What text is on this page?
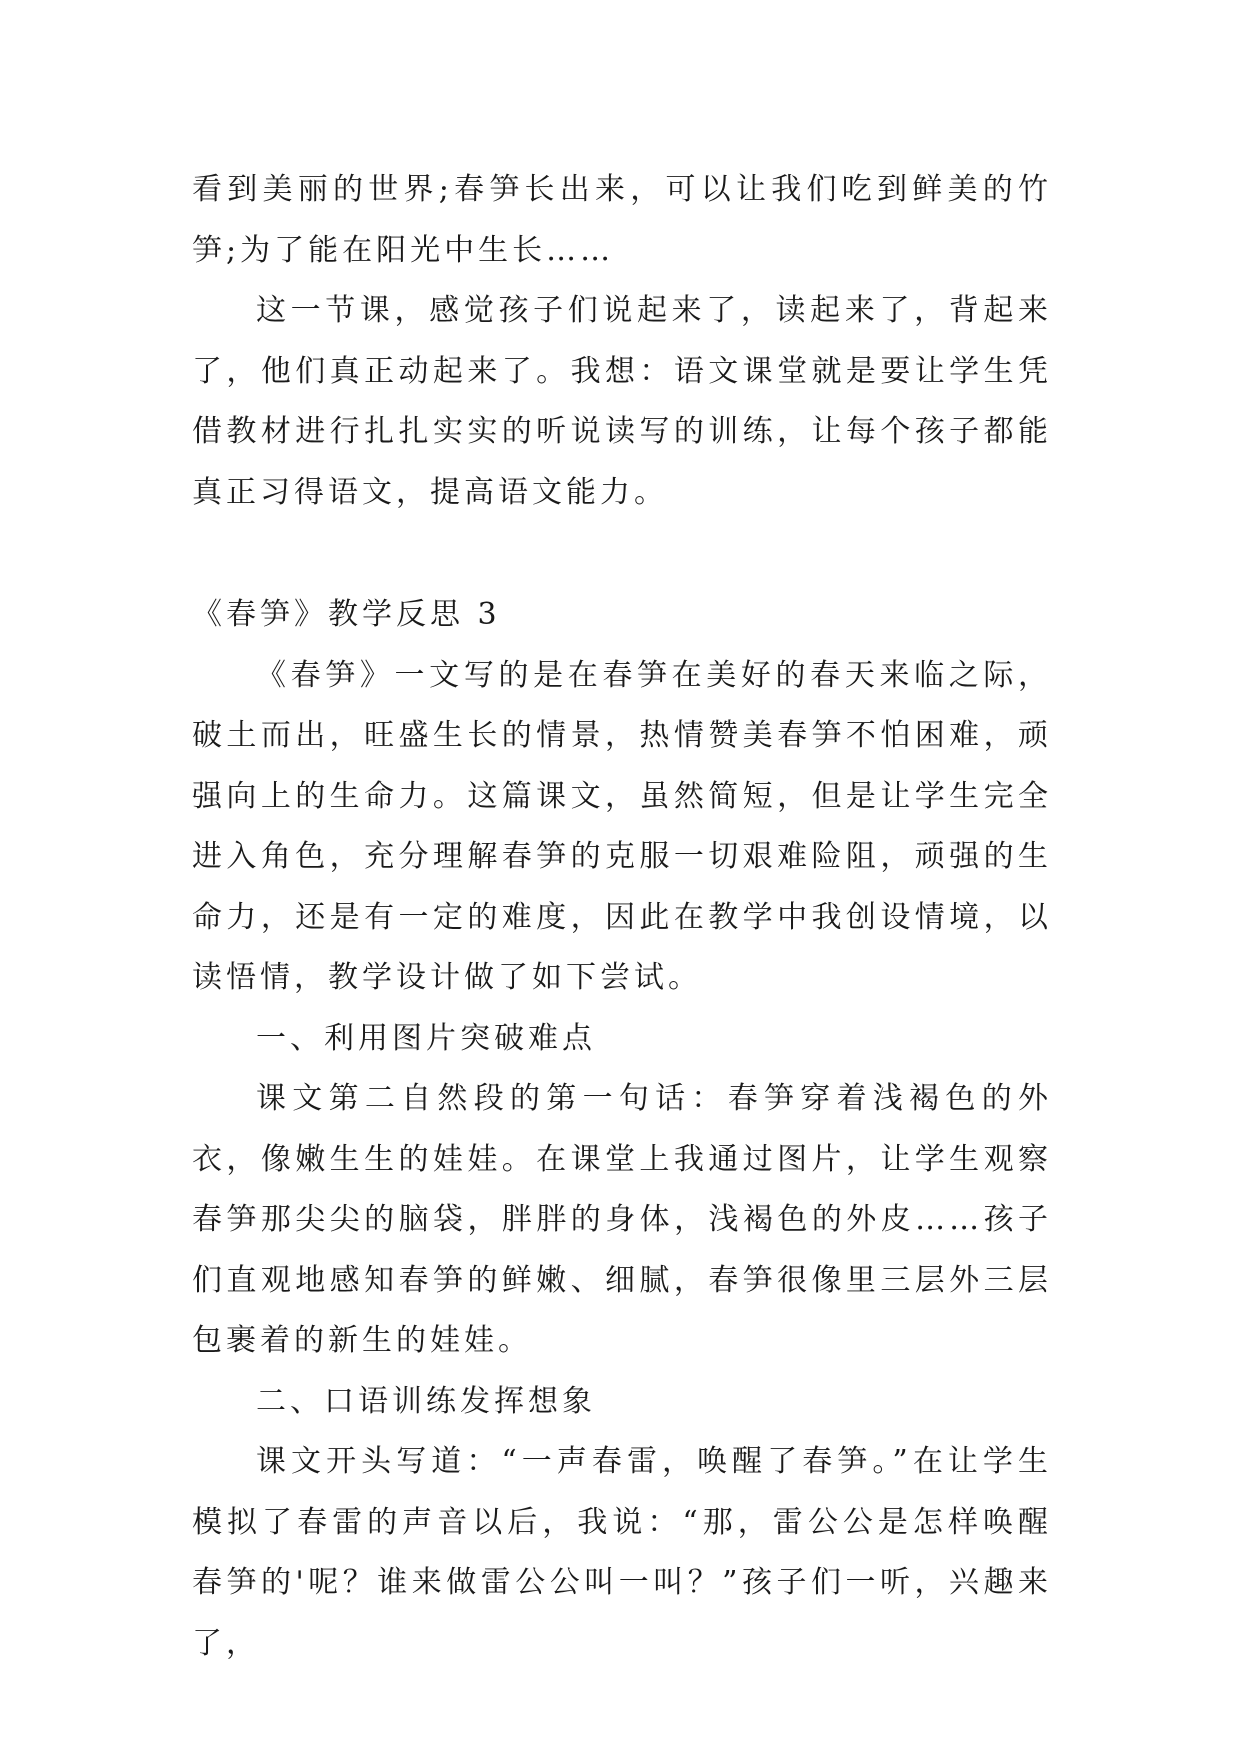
看到美丽的世界;春笋长出来，可以让我们吃到鲜美的竹笋;为了能在阳光中生长……

这一节课，感觉孩子们说起来了，读起来了，背起来了，他们真正动起来了。我想：语文课堂就是要让学生凭借教材进行扎扎实实的听说读写的训练，让每个孩子都能真正习得语文，提高语文能力。

《春笋》教学反思 3

《春笋》一文写的是在春笋在美好的春天来临之际，破土而出，旺盛生长的情景，热情赞美春笋不怕困难，顽强向上的生命力。这篇课文，虽然简短，但是让学生完全进入角色，充分理解春笋的克服一切艰难险阻，顽强的生命力，还是有一定的难度，因此在教学中我创设情境，以读悟情，教学设计做了如下尝试。

一、利用图片突破难点

课文第二自然段的第一句话：春笋穿着浅褐色的外衣，像嫩生生的娃娃。在课堂上我通过图片，让学生观察春笋那尖尖的脑袋，胖胖的身体，浅褐色的外皮……孩子们直观地感知春笋的鲜嫩、细腻，春笋很像里三层外三层包裹着的新生的娃娃。

二、口语训练发挥想象

课文开头写道：“一声春雷，唤醒了春笋。”在让学生模拟了春雷的声音以后，我说：“那，雷公公是怎样唤醒春笋的'呢？谁来做雷公公叫一叫？”孩子们一听，兴趣来了，
